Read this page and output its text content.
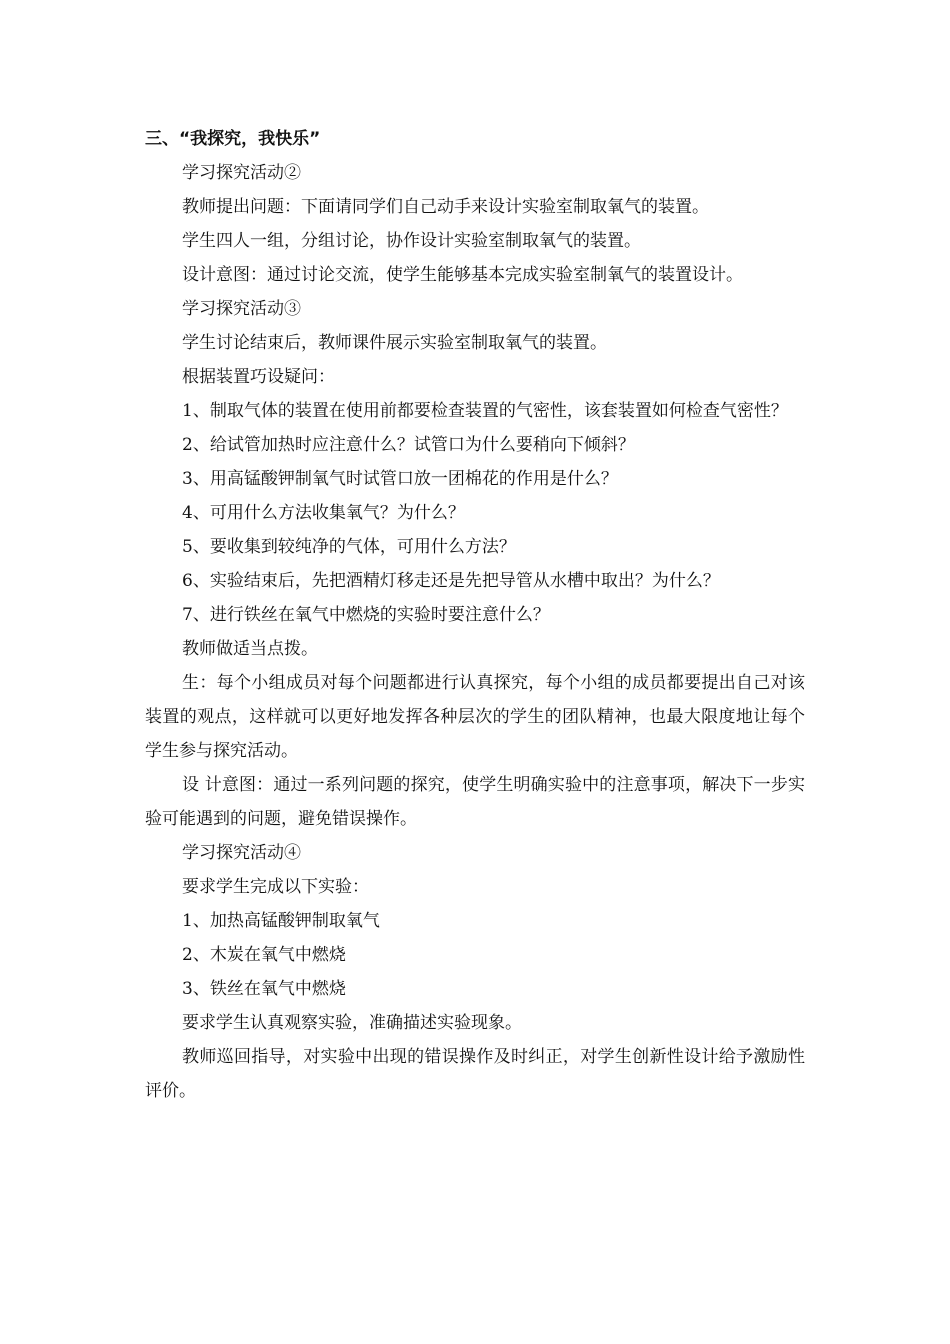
三、“我探究，我快乐”

学习探究活动②

教师提出问题：下面请同学们自己动手来设计实验室制取氧气的装置。

学生四人一组，分组讨论，协作设计实验室制取氧气的装置。

设计意图：通过讨论交流，使学生能够基本完成实验室制氧气的装置设计。

学习探究活动③

学生讨论结束后，教师课件展示实验室制取氧气的装置。

根据装置巧设疑问：

1、制取气体的装置在使用前都要检查装置的气密性，该套装置如何检查气密性？

2、给试管加热时应注意什么？试管口为什么要稍向下倾斜？

3、用高锰酸钾制氧气时试管口放一团棉花的作用是什么？

4、可用什么方法收集氧气？为什么？

5、要收集到较纯净的气体，可用什么方法？

6、实验结束后，先把酒精灯移走还是先把导管从水槽中取出？为什么？

7、进行铁丝在氧气中燃烧的实验时要注意什么？

教师做适当点拨。

生：每个小组成员对每个问题都进行认真探究，每个小组的成员都要提出自己对该装置的观点，这样就可以更好地发挥各种层次的学生的团队精神，也最大限度地让每个学生参与探究活动。

设 计意图：通过一系列问题的探究，使学生明确实验中的注意事项，解决下一步实验可能遇到的问题，避免错误操作。

学习探究活动④

要求学生完成以下实验：

1、加热高锰酸钾制取氧气

2、木炭在氧气中燃烧

3、铁丝在氧气中燃烧

要求学生认真观察实验，准确描述实验现象。

教师巡回指导，对实验中出现的错误操作及时纠正，对学生创新性设计给予激励性评价。
